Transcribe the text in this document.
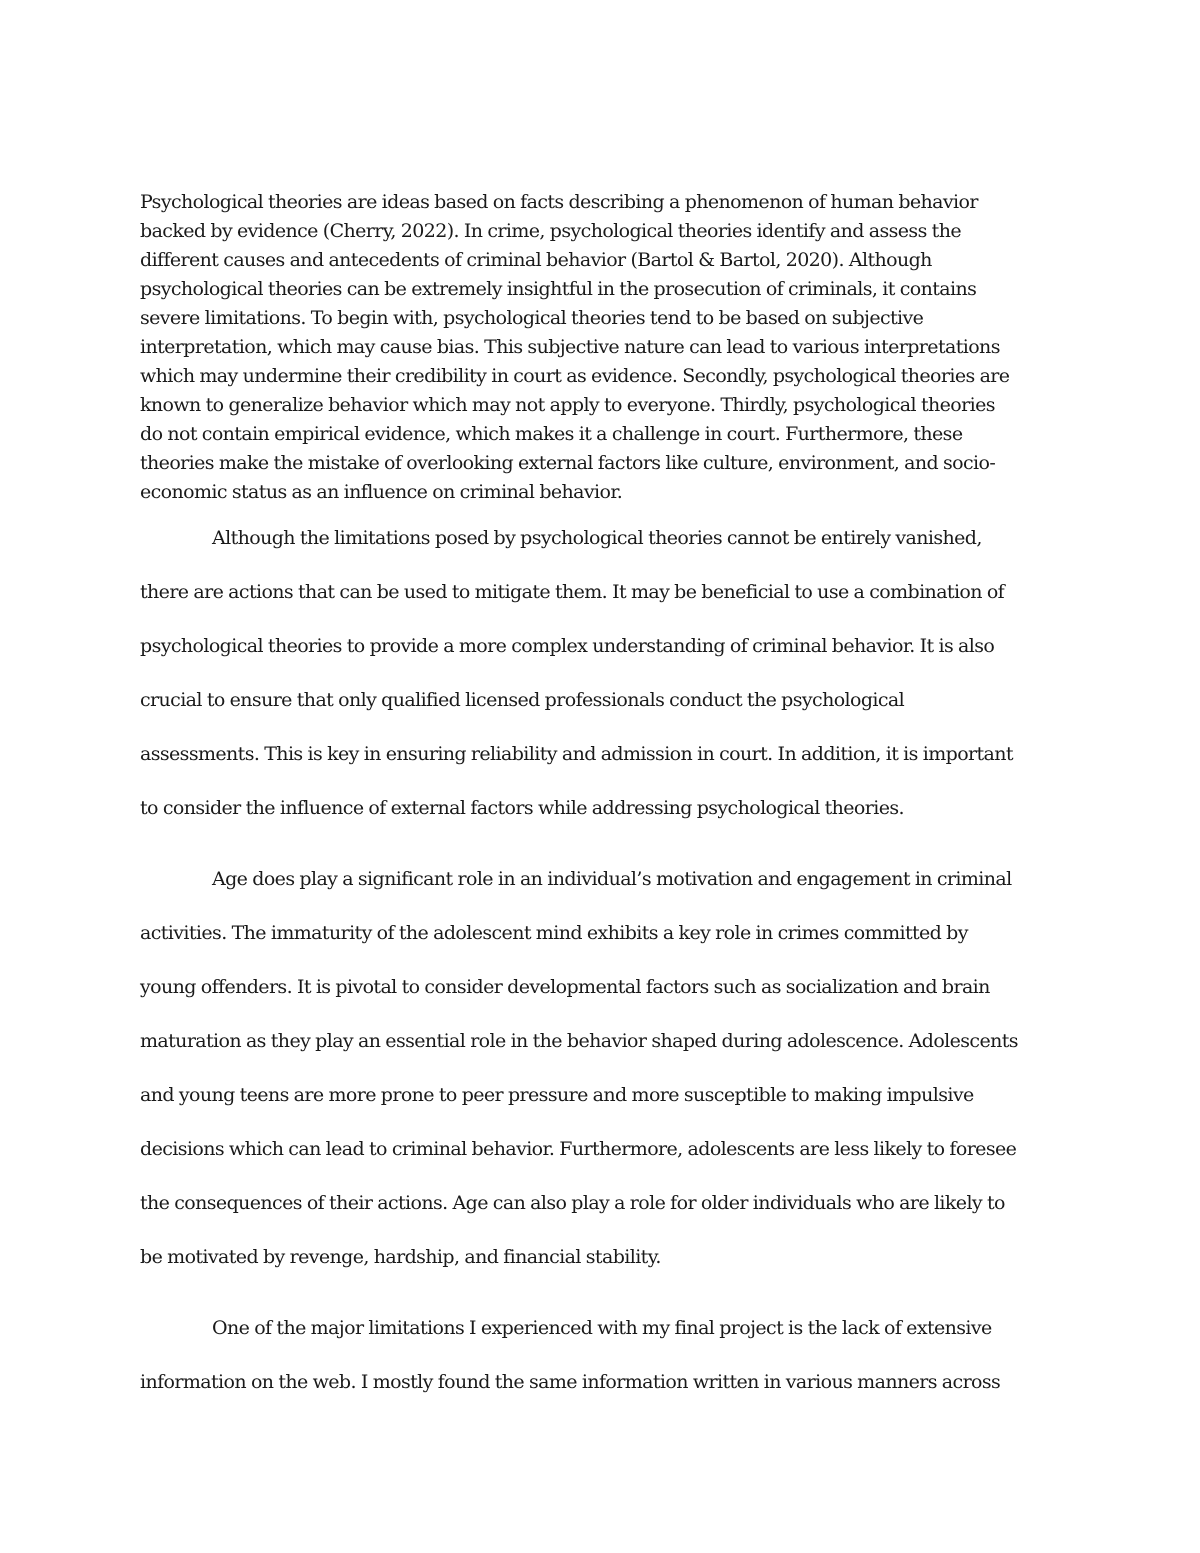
Psychological theories are ideas based on facts describing a phenomenon of human behavior
backed by evidence (Cherry, 2022). In crime, psychological theories identify and assess the
different causes and antecedents of criminal behavior (Bartol & Bartol, 2020). Although
psychological theories can be extremely insightful in the prosecution of criminals, it contains
severe limitations. To begin with, psychological theories tend to be based on subjective
interpretation, which may cause bias. This subjective nature can lead to various interpretations
which may undermine their credibility in court as evidence. Secondly, psychological theories are
known to generalize behavior which may not apply to everyone. Thirdly, psychological theories
do not contain empirical evidence, which makes it a challenge in court. Furthermore, these
theories make the mistake of overlooking external factors like culture, environment, and socio-
economic status as an influence on criminal behavior.
Although the limitations posed by psychological theories cannot be entirely vanished,
there are actions that can be used to mitigate them. It may be beneficial to use a combination of
psychological theories to provide a more complex understanding of criminal behavior. It is also
crucial to ensure that only qualified licensed professionals conduct the psychological
assessments. This is key in ensuring reliability and admission in court. In addition, it is important
to consider the influence of external factors while addressing psychological theories.
Age does play a significant role in an individual’s motivation and engagement in criminal
activities. The immaturity of the adolescent mind exhibits a key role in crimes committed by
young offenders. It is pivotal to consider developmental factors such as socialization and brain
maturation as they play an essential role in the behavior shaped during adolescence. Adolescents
and young teens are more prone to peer pressure and more susceptible to making impulsive
decisions which can lead to criminal behavior. Furthermore, adolescents are less likely to foresee
the consequences of their actions. Age can also play a role for older individuals who are likely to
be motivated by revenge, hardship, and financial stability.
One of the major limitations I experienced with my final project is the lack of extensive
information on the web. I mostly found the same information written in various manners across
